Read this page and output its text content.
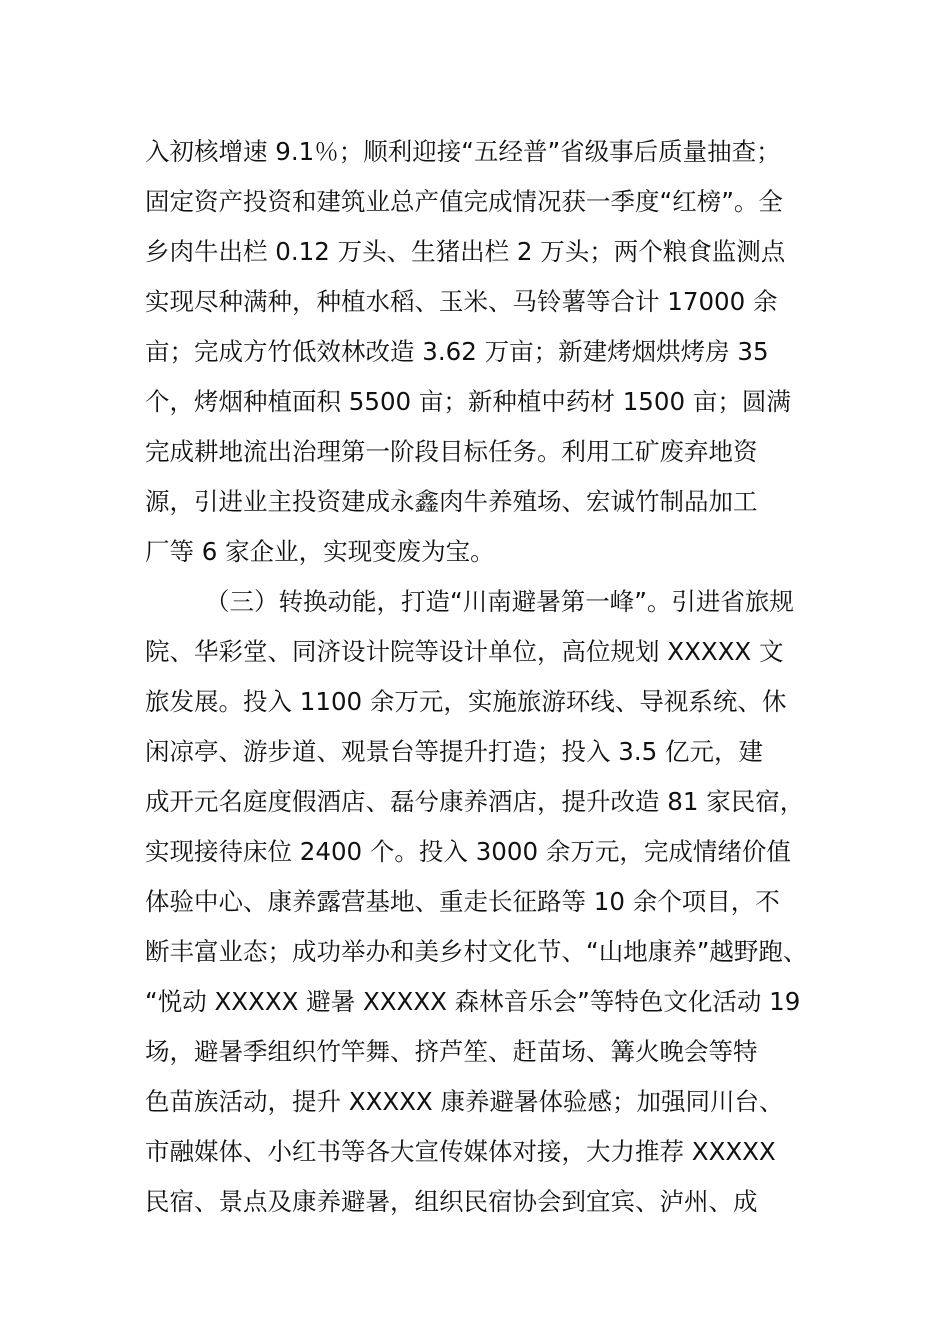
入初核增速 9.1％；顺利迎接“五经普”省级事后质量抽查；
固定资产投资和建筑业总产值完成情况获一季度“红榜”。全
乡肉牛出栏 0.12 万头、生猪出栏 2 万头；两个粮食监测点
实现尽种满种，种植水稻、玉米、马铃薯等合计 17000 余
亩；完成方竹低效林改造 3.62 万亩；新建烤烟烘烤房 35
个，烤烟种植面积 5500 亩；新种植中药材 1500 亩；圆满
完成耕地流出治理第一阶段目标任务。利用工矿废弃地资
源，引进业主投资建成永鑫肉牛养殖场、宏诚竹制品加工
厂等 6 家企业，实现变废为宝。
（三）转换动能，打造“川南避暑第一峰”。引进省旅规
院、华彩堂、同济设计院等设计单位，高位规划 XXXXX 文
旅发展。投入 1100 余万元，实施旅游环线、导视系统、休
闲凉亭、游步道、观景台等提升打造；投入 3.5 亿元，建
成开元名庭度假酒店、磊兮康养酒店，提升改造 81 家民宿，
实现接待床位 2400 个。投入 3000 余万元，完成情绪价值
体验中心、康养露营基地、重走长征路等 10 余个项目，不
断丰富业态；成功举办和美乡村文化节、“山地康养”越野跑、
“悦动 XXXXX 避暑 XXXXX 森林音乐会”等特色文化活动 19
场，避暑季组织竹竿舞、挤芦笙、赶苗场、篝火晚会等特
色苗族活动，提升 XXXXX 康养避暑体验感；加强同川台、
市融媒体、小红书等各大宣传媒体对接，大力推荐 XXXXX
民宿、景点及康养避暑，组织民宿协会到宜宾、泸州、成
